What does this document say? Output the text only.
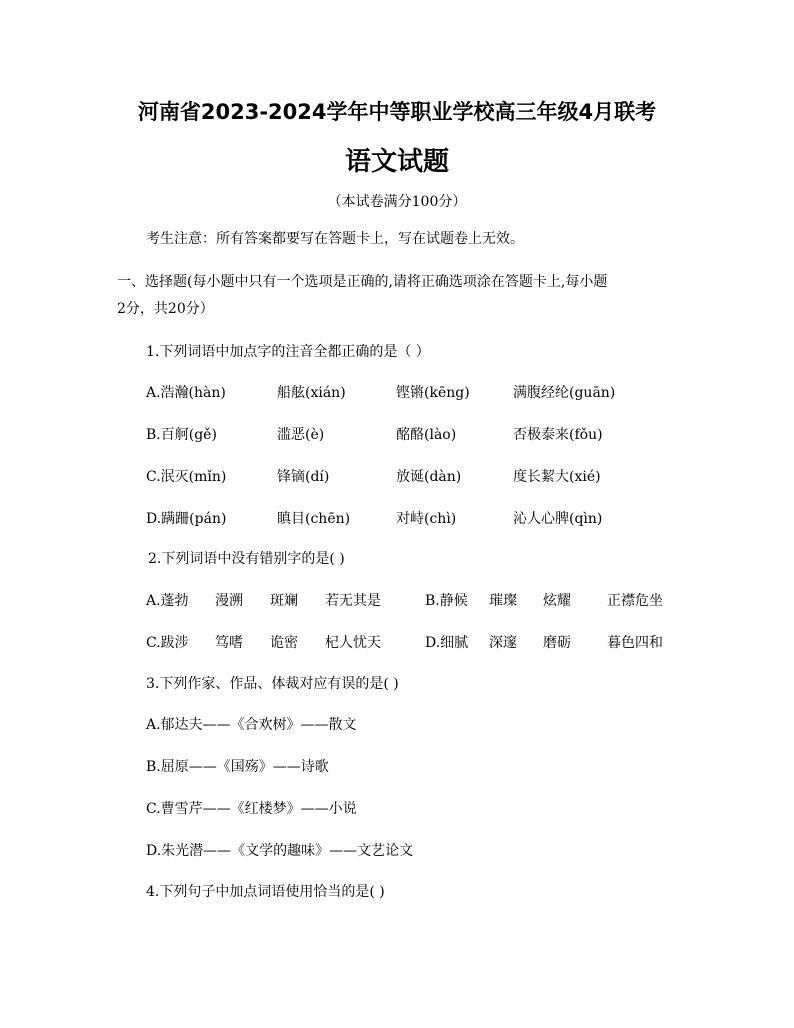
河南省2023-2024学年中等职业学校高三年级4月联考
语文试题
（本试卷满分100分）
考生注意：所有答案都要写在答题卡上，写在试题卷上无效。
一、选择题(每小题中只有一个选项是正确的,请将正确选项涂在答题卡上,每小题
2分，共20分）
1.下列词语中加点字的注音全都正确的是（ ）
A.浩瀚(hàn)	船舷(xián)	铿锵(kēng)	满腹经纶(guān)
B.百舸(gě)	滥恶(è)	酩酪(lào)	否极泰来(fǒu)
C.泯灭(mǐn)	锋镝(dí)	放诞(dàn)	度长絜大(xié)
D.蹒跚(pán)	瞋目(chēn)	对峙(chì)	沁人心脾(qìn)
2.下列词语中没有错别字的是( )
A.蓬勃 漫溯 斑斓 若无其是	B.静候 璀璨 炫耀	正襟危坐
C.跋涉 笃嗜 诡密 杞人忧天	D.细腻 深邃 磨砺	暮色四和
3.下列作家、作品、体裁对应有误的是( )
A.郁达夫——《合欢树》——散文
B.屈原——《国殇》——诗歌
C.曹雪芹——《红楼梦》——小说
D.朱光潜——《文学的趣味》——文艺论文
4.下列句子中加点词语使用恰当的是( )
